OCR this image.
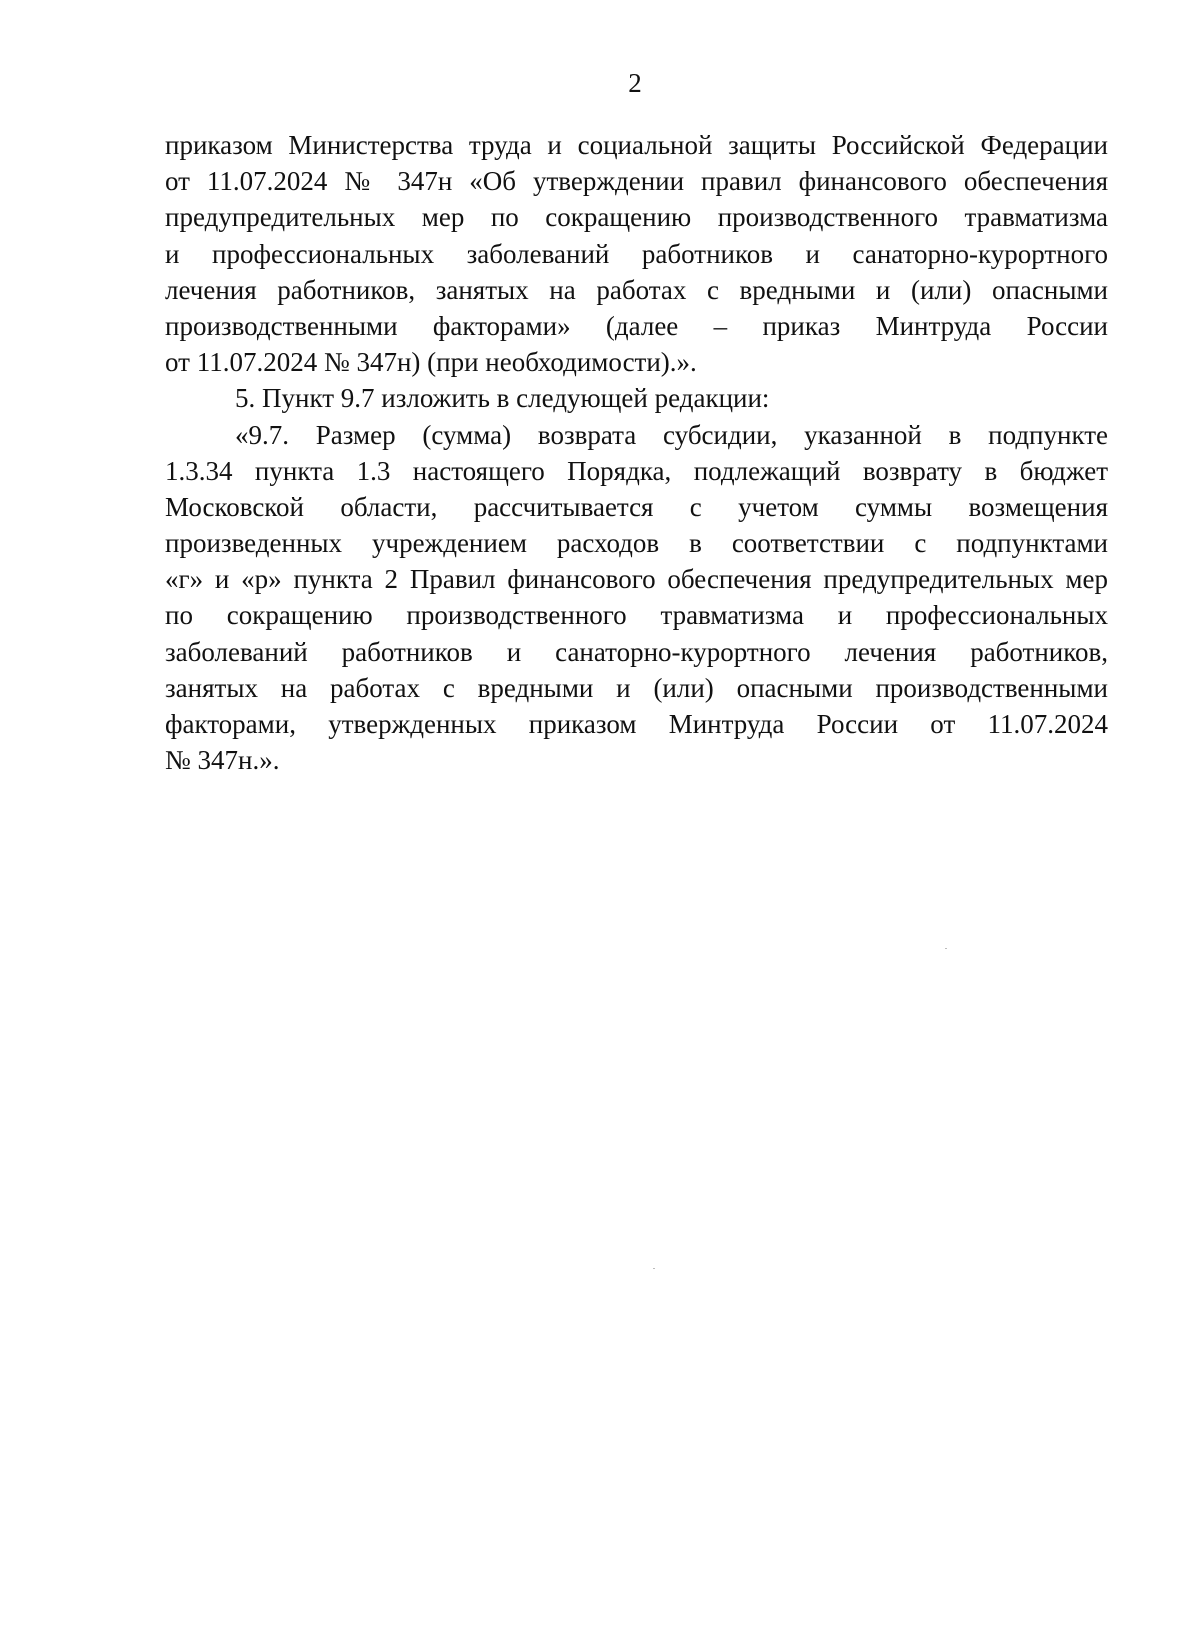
2
приказом Министерства труда и социальной защиты Российской Федерации
от 11.07.2024 № 347н «Об утверждении правил финансового обеспечения
предупредительных мер по сокращению производственного травматизма
и профессиональных заболеваний работников и санаторно-курортного
лечения работников, занятых на работах с вредными и (или) опасными
производственными факторами» (далее – приказ Минтруда России
от 11.07.2024 № 347н) (при необходимости).».
5. Пункт 9.7 изложить в следующей редакции:
«9.7. Размер (сумма) возврата субсидии, указанной в подпункте
1.3.34 пункта 1.3 настоящего Порядка, подлежащий возврату в бюджет
Московской области, рассчитывается с учетом суммы возмещения
произведенных учреждением расходов в соответствии с подпунктами
«г» и «р» пункта 2 Правил финансового обеспечения предупредительных мер
по сокращению производственного травматизма и профессиональных
заболеваний работников и санаторно-курортного лечения работников,
занятых на работах с вредными и (или) опасными производственными
факторами, утвержденных приказом Минтруда России от 11.07.2024
№ 347н.».
